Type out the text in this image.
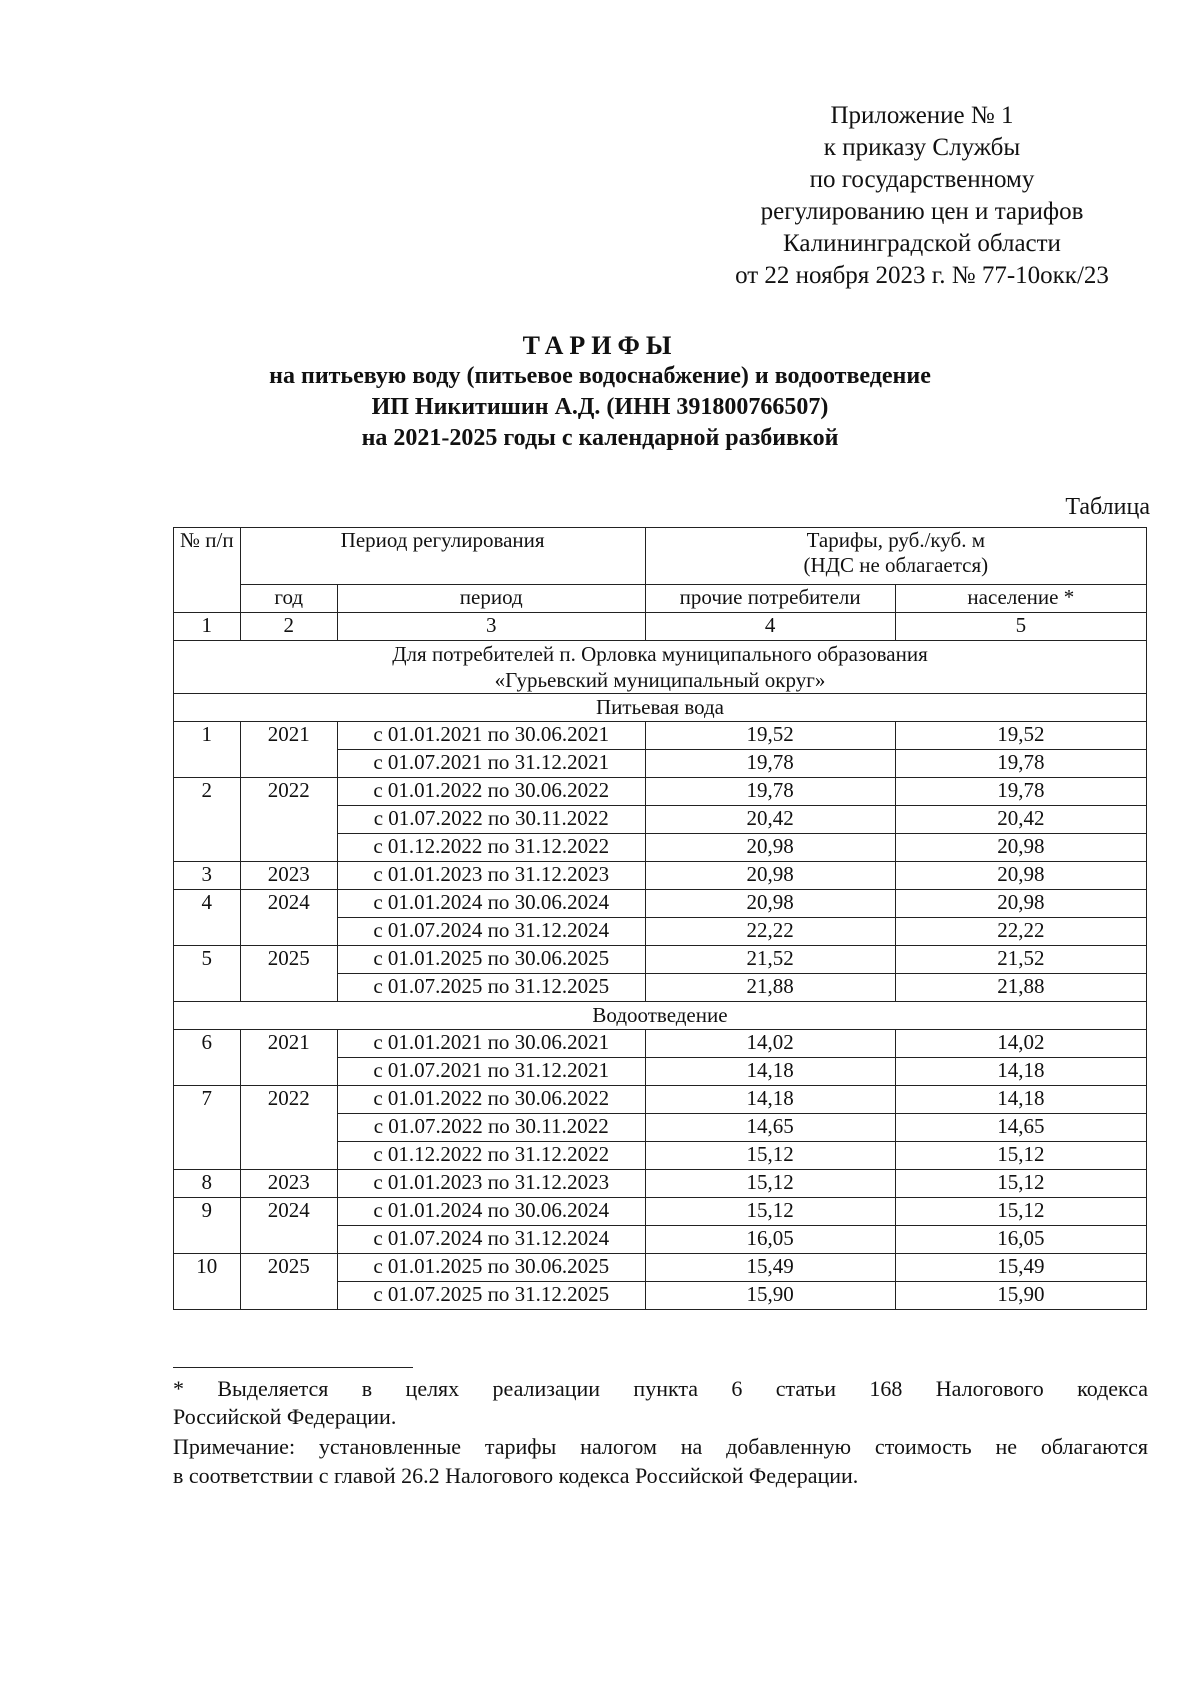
Приложение № 1
к приказу Службы
по государственному
регулированию цен и тарифов
Калининградской области
от 22 ноября 2023 г. № 77-10окк/23
ТАРИФЫ
на питьевую воду (питьевое водоснабжение) и водоотведение
ИП Никитишин А.Д. (ИНН 391800766507)
на 2021-2025 годы с календарной разбивкой
Таблица
№ п/п	Период регулирования		Тарифы, руб./куб. м
(НДС не облагается)	

	год	период	прочие потребители	население *
1	2	3	4	5

Для потребителей п. Орловка муниципального образования
«Гурьевский муниципальный округ»				

Питьевая вода				
1	2021	с 01.01.2021 по 30.06.2021	19,52	19,52
		с 01.07.2021 по 31.12.2021	19,78	19,78
2	2022	с 01.01.2022 по 30.06.2022	19,78	19,78
		с 01.07.2022 по 30.11.2022	20,42	20,42
		с 01.12.2022 по 31.12.2022	20,98	20,98
3	2023	с 01.01.2023 по 31.12.2023	20,98	20,98
4	2024	с 01.01.2024 по 30.06.2024	20,98	20,98
		с 01.07.2024 по 31.12.2024	22,22	22,22
5	2025	с 01.01.2025 по 30.06.2025	21,52	21,52
		с 01.07.2025 по 31.12.2025	21,88	21,88
Водоотведение				
6	2021	с 01.01.2021 по 30.06.2021	14,02	14,02
		с 01.07.2021 по 31.12.2021	14,18	14,18
7	2022	с 01.01.2022 по 30.06.2022	14,18	14,18
		с 01.07.2022 по 30.11.2022	14,65	14,65
		с 01.12.2022 по 31.12.2022	15,12	15,12
8	2023	с 01.01.2023 по 31.12.2023	15,12	15,12
9	2024	с 01.01.2024 по 30.06.2024	15,12	15,12
		с 01.07.2024 по 31.12.2024	16,05	16,05
10	2025	с 01.01.2025 по 30.06.2025	15,49	15,49
		с 01.07.2025 по 31.12.2025	15,90	15,90
* Выделяется в целях реализации пункта 6 статьи 168 Налогового кодекса
Российской Федерации.
Примечание: установленные тарифы налогом на добавленную стоимость не облагаются
в соответствии с главой 26.2 Налогового кодекса Российской Федерации.
